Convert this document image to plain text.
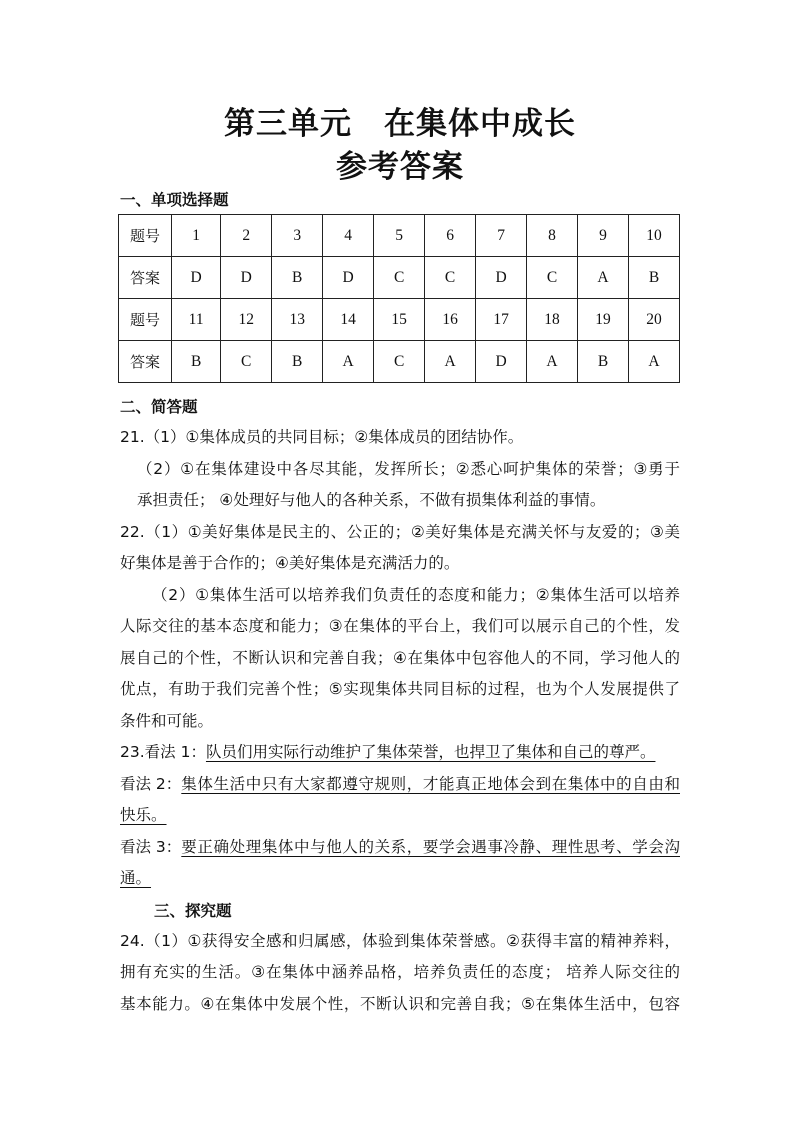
第三单元　在集体中成长
参考答案
一、单项选择题
题号	1	2	3	4	5	6	7	8	9	10
答案	D	D	B	D	C	C	D	C	A	B
题号	11	12	13	14	15	16	17	18	19	20
答案	B	C	B	A	C	A	D	A	B	A
二、简答题
21.（1）①集体成员的共同目标；②集体成员的团结协作。
（2）①在集体建设中各尽其能，发挥所长；②悉心呵护集体的荣誉；③勇于
承担责任； ④处理好与他人的各种关系，不做有损集体利益的事情。
22.（1）①美好集体是民主的、公正的；②美好集体是充满关怀与友爱的；③美
好集体是善于合作的；④美好集体是充满活力的。
（2）①集体生活可以培养我们负责任的态度和能力；②集体生活可以培养
人际交往的基本态度和能力；③在集体的平台上，我们可以展示自己的个性，发
展自己的个性，不断认识和完善自我；④在集体中包容他人的不同，学习他人的
优点，有助于我们完善个性；⑤实现集体共同目标的过程，也为个人发展提供了
条件和可能。
23.看法 1：队员们用实际行动维护了集体荣誉，也捍卫了集体和自己的尊严。
看法 2： 集体生活中只有大家都遵守规则，才能真正地体会到在集体中的自由和
快乐。
看法 3： 要正确处理集体中与他人的关系，要学会遇事冷静、理性思考、学会沟
通。
三、探究题
24.（1）①获得安全感和归属感，体验到集体荣誉感。②获得丰富的精神养料，
拥有充实的生活。③在集体中涵养品格，培养负责任的态度； 培养人际交往的
基本能力。④在集体中发展个性，不断认识和完善自我；⑤在集体生活中，包容
